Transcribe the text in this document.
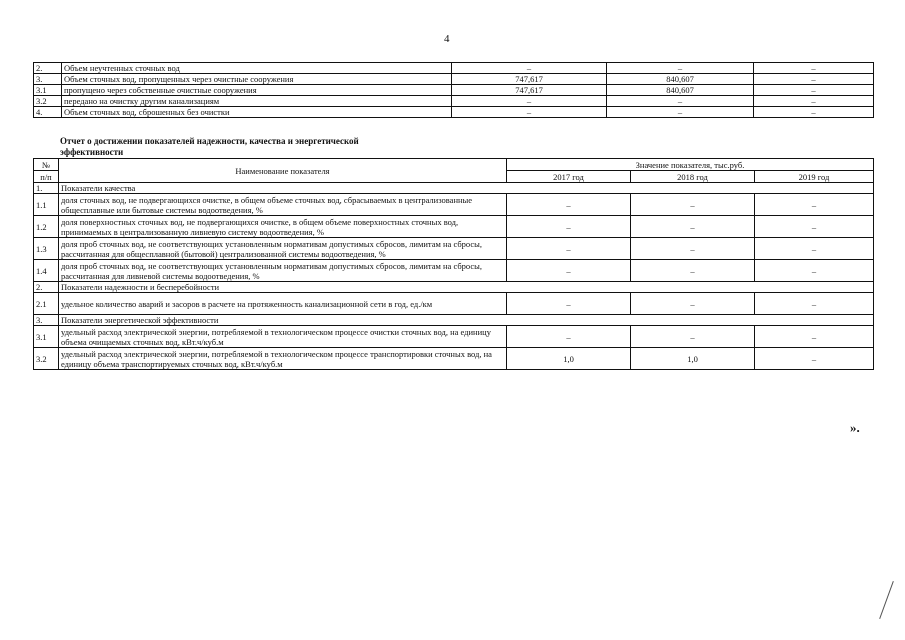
4
2.	Объем неучтенных сточных вод	–	–	–
3.	Объем сточных вод, пропущенных через очистные сооружения	747,617	840,607	–
3.1	пропущено через собственные очистные сооружения	747,617	840,607	–
3.2	передано на очистку другим канализациям	–	–	–
4.	Объем сточных вод, сброшенных без очистки	–	–	–
Отчет о достижении показателей надежности, качества и энергетической эффективности
№	Наименование показателя	Значение показателя, тыс.руб.		
п/п		2017 год	2018 год	2019 год
1.	Показатели качества			
1.1	доля сточных вод, не подвергающихся очистке, в общем объеме сточных вод, сбрасываемых в централизованные общесплавные или бытовые системы водоотведения, %	–	–	–
1.2	доля поверхностных сточных вод, не подвергающихся очистке, в общем объеме поверхностных сточных вод, принимаемых в централизованную ливневую систему водоотведения, %	–	–	–
1.3	доля проб сточных вод, не соответствующих установленным нормативам допустимых сбросов, лимитам на сбросы, рассчитанная для общесплавной (бытовой) централизованной системы водоотведения, %	–	–	–
1.4	доля проб сточных вод, не соответствующих установленным нормативам допустимых сбросов, лимитам на сбросы, рассчитанная для ливневой системы водоотведения, %	–	–	–
2.	Показатели надежности и бесперебойности			
2.1	удельное количество аварий и засоров в расчете на протяженность канализационной сети в год, ед./км	–	–	–
3.	Показатели энергетической эффективности			
3.1	удельный расход электрической энергии, потребляемой в технологическом процессе очистки сточных вод, на единицу объема очищаемых сточных вод, кВт.ч/куб.м	–	–	–
3.2	удельный расход электрической энергии, потребляемой в технологическом процессе транспортировки сточных вод, на единицу объема транспортируемых сточных вод, кВт.ч/куб.м	1,0	1,0	–
».
